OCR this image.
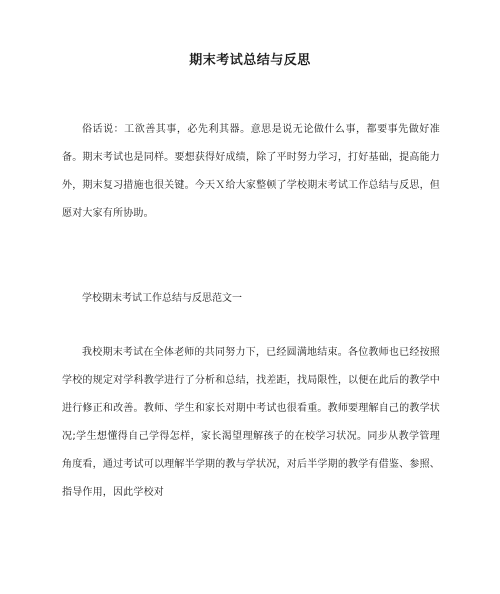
期末考试总结与反思
俗话说：工欲善其事，必先利其器。意思是说无论做什么事，都要事先做好准备。期末考试也是同样。要想获得好成绩，除了平时努力学习，打好基础，提高能力外，期末复习措施也很关键。今天Ｘ给大家整顿了学校期末考试工作总结与反思，但愿对大家有所协助。
学校期末考试工作总结与反思范文一
我校期末考试在全体老师的共同努力下，已经圆满地结束。各位教师也已经按照学校的规定对学科教学进行了分析和总结，找差距，找局限性，以便在此后的教学中进行修正和改善。教师、学生和家长对期中考试也很看重。教师要理解自己的教学状况;学生想懂得自己学得怎样，家长渴望理解孩子的在校学习状况。同步从教学管理角度看，通过考试可以理解半学期的教与学状况，对后半学期的教学有借鉴、参照、指导作用，因此学校对
